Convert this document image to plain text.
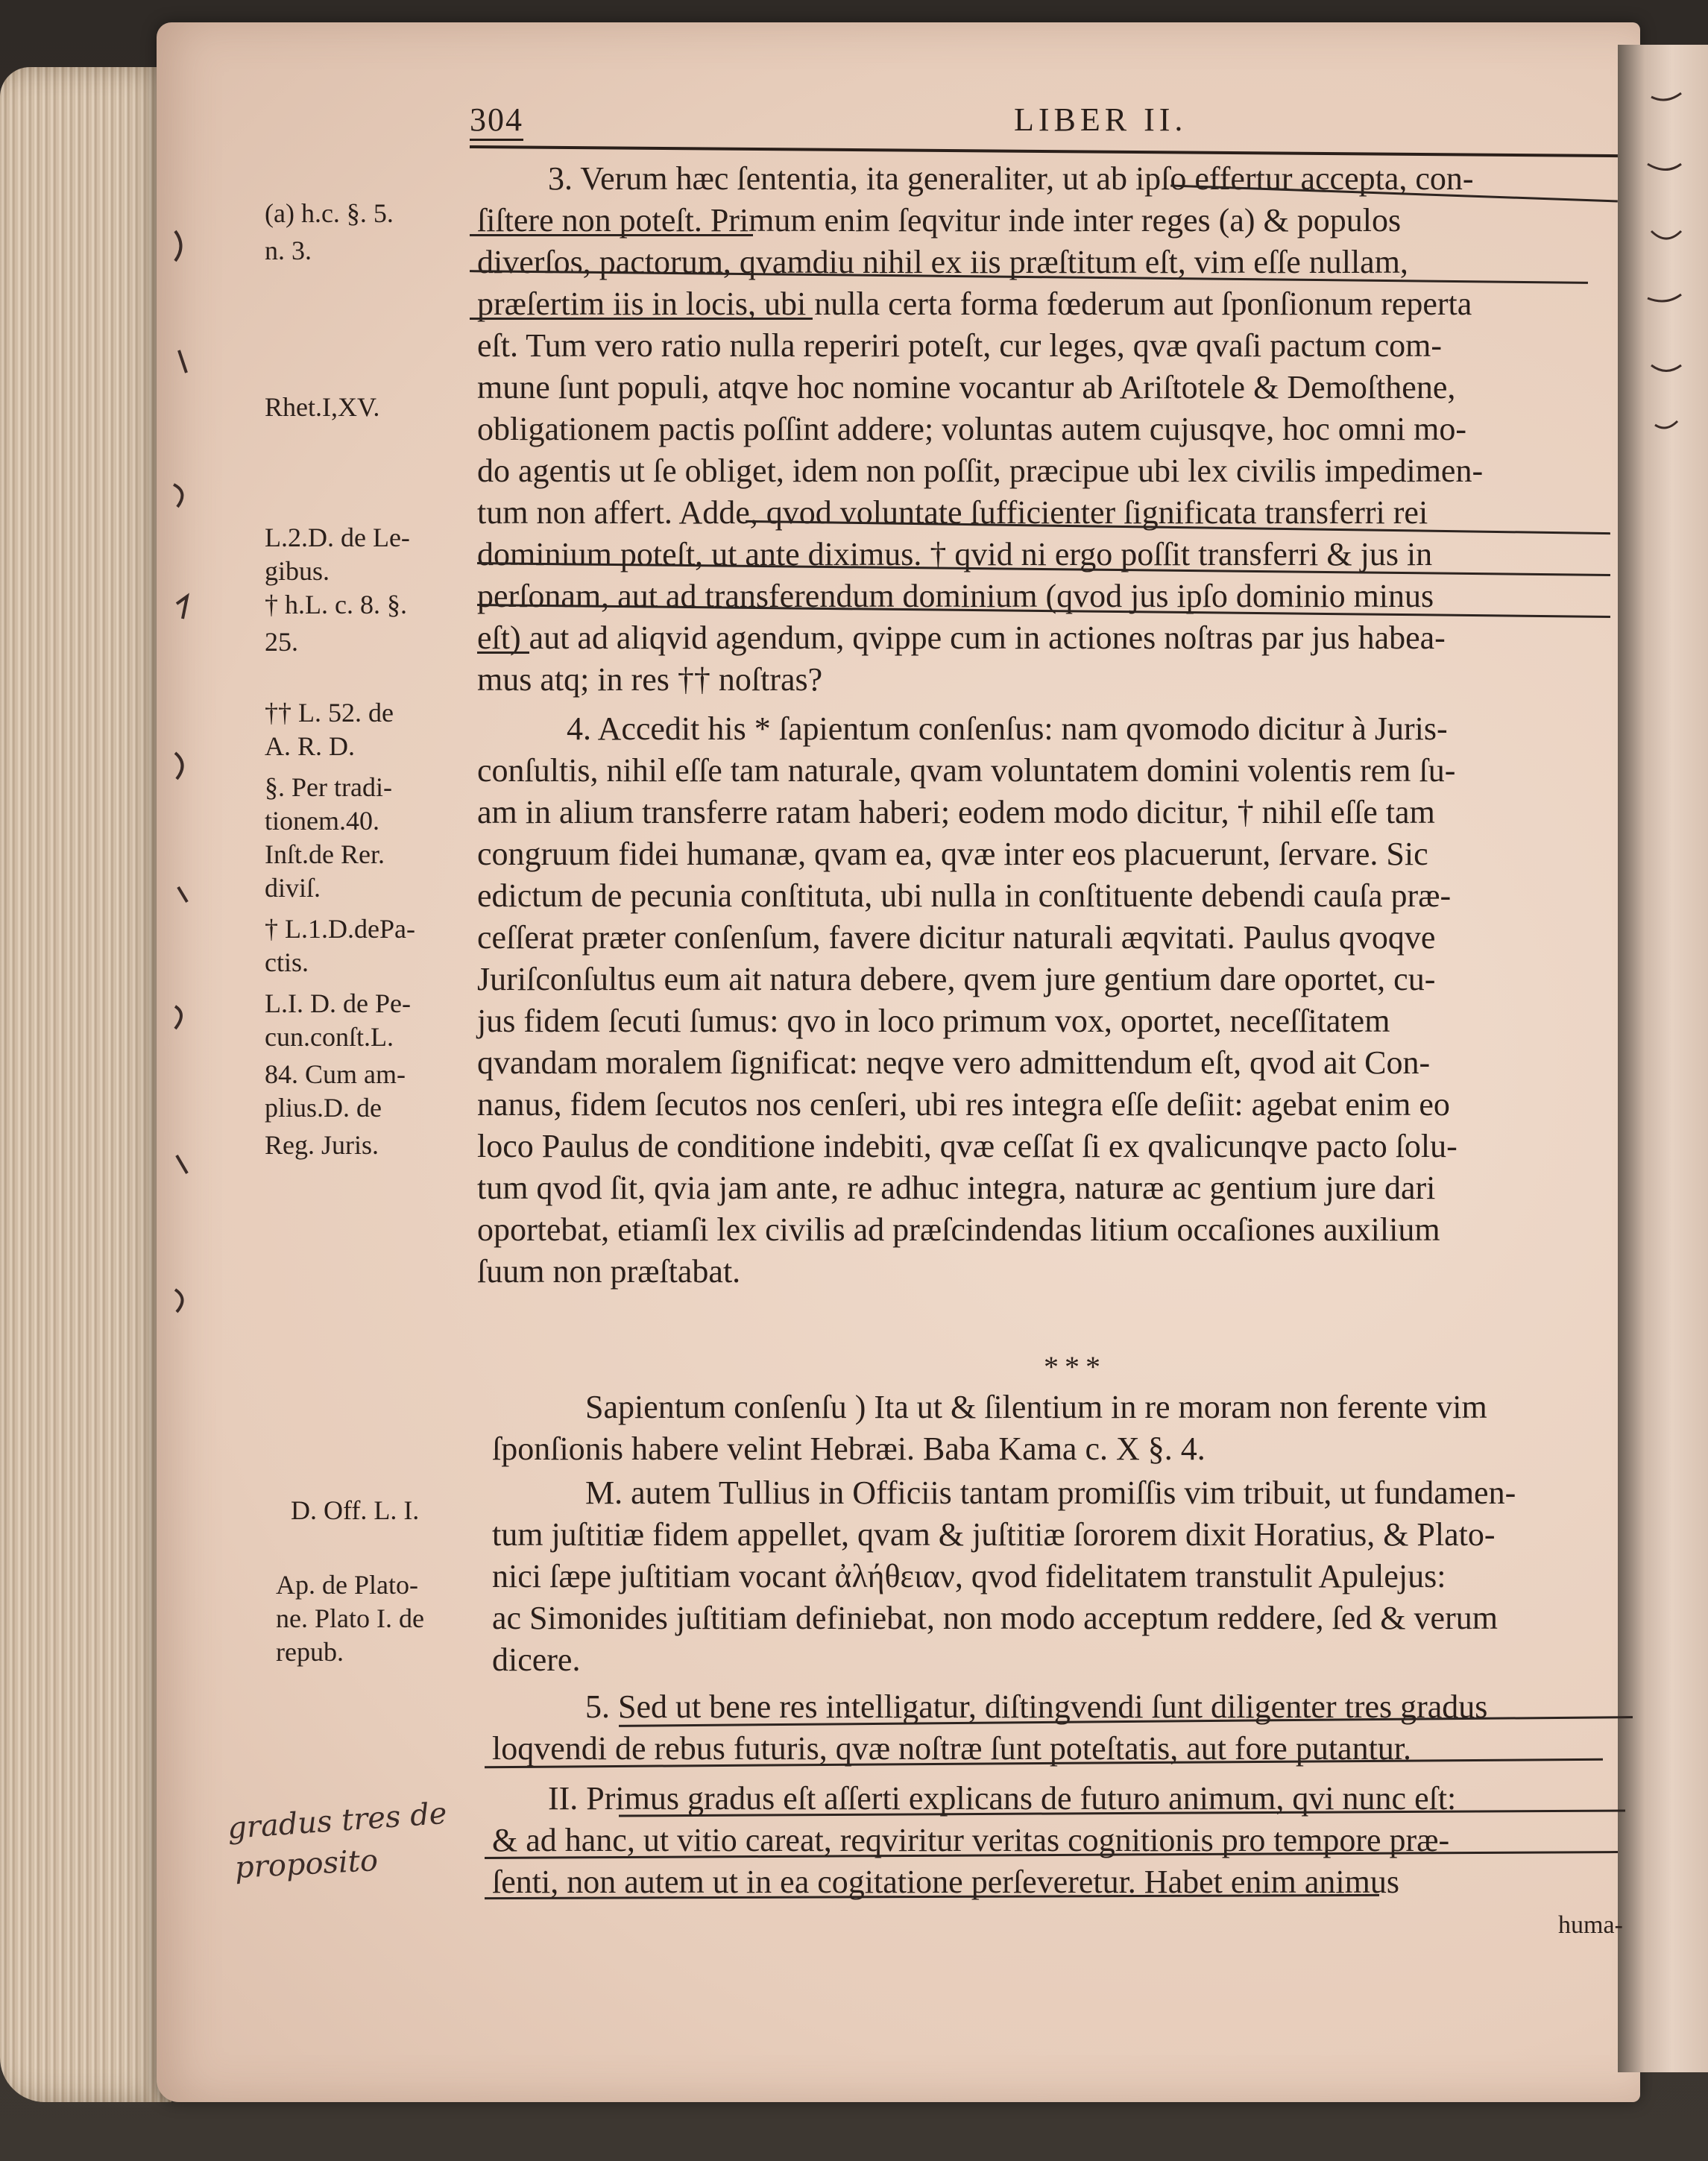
304	LIBER II.
3. Verum hæc ſententia, ita generaliter, ut ab ipſo effertur accepta, con-
ſiſtere non poteſt. Primum enim ſeqvitur inde inter reges (a) & populos
diverſos, pactorum, qvamdiu nihil ex iis præſtitum eſt, vim eſſe nullam,
præſertim iis in locis, ubi nulla certa forma fœderum aut ſponſionum reperta
eſt. Tum vero ratio nulla reperiri poteſt, cur leges, qvæ qvaſi pactum com-
mune ſunt populi, atqve hoc nomine vocantur ab Ariſtotele & Demoſthene,
obligationem pactis poſſint addere; voluntas autem cujusqve, hoc omni mo-
do agentis ut ſe obliget, idem non poſſit, præcipue ubi lex civilis impedimen-
tum non affert. Adde, qvod voluntate ſufficienter ſignificata transferri rei
dominium poteſt, ut ante diximus. † qvid ni ergo poſſit transferri & jus in
perſonam, aut ad transferendum dominium (qvod jus ipſo dominio minus
eſt) aut ad aliqvid agendum, qvippe cum in actiones noſtras par jus habea-
mus atq; in res †† noſtras?
4. Accedit his * ſapientum conſenſus: nam qvomodo dicitur à Juris-
conſultis, nihil eſſe tam naturale, qvam voluntatem domini volentis rem ſu-
am in alium transferre ratam haberi; eodem modo dicitur, † nihil eſſe tam
congruum fidei humanæ, qvam ea, qvæ inter eos placuerunt, ſervare. Sic
edictum de pecunia conſtituta, ubi nulla in conſtituente debendi cauſa præ-
ceſſerat præter conſenſum, favere dicitur naturali æqvitati. Paulus qvoqve
Juriſconſultus eum ait natura debere, qvem jure gentium dare oportet, cu-
jus fidem ſecuti ſumus: qvo in loco primum vox, oportet, neceſſitatem
qvandam moralem ſignificat: neqve vero admittendum eſt, qvod ait Con-
nanus, fidem ſecutos nos cenſeri, ubi res integra eſſe deſiit: agebat enim eo
loco Paulus de conditione indebiti, qvæ ceſſat ſi ex qvalicunqve pacto ſolu-
tum qvod ſit, qvia jam ante, re adhuc integra, naturæ ac gentium jure dari
oportebat, etiamſi lex civilis ad præſcindendas litium occaſiones auxilium
ſuum non præſtabat.
***
Sapientum conſenſu ) Ita ut & ſilentium in re moram non ferente vim
ſponſionis habere velint Hebræi. Baba Kama c. X §. 4.
M. autem Tullius in Officiis tantam promiſſis vim tribuit, ut fundamen-
tum juſtitiæ fidem appellet, qvam & juſtitiæ ſororem dixit Horatius, & Plato-
nici ſæpe juſtitiam vocant ἀλήθειαν, qvod fidelitatem transtulit Apulejus:
ac Simonides juſtitiam definiebat, non modo acceptum reddere, ſed & verum
dicere.
5. Sed ut bene res intelligatur, diſtingvendi ſunt diligenter tres gradus
loqvendi de rebus futuris, qvæ noſtræ ſunt poteſtatis, aut fore putantur.
II. Primus gradus eſt aſſerti explicans de futuro animum, qvi nunc eſt:
& ad hanc, ut vitio careat, reqviritur veritas cognitionis pro tempore præ-
ſenti, non autem ut in ea cogitatione perſeveretur. Habet enim animus
huma-
(a) h.c. §. 5.
n. 3.
Rhet.I,XV.
L.2.D. de Le-
gibus.
† h.L. c. 8. §.
25.
†† L. 52. de
A. R. D.
§. Per tradi-
tionem.40.
Inſt.de Rer.
diviſ.
† L.1.D.dePa-
ctis.
L.I. D. de Pe-
cun.conſt.L.
84. Cum am-
plius.D. de
Reg. Juris.
D. Off. L. I.
Ap. de Plato-
ne. Plato I. de
repub.
gradus tres de
proposito
